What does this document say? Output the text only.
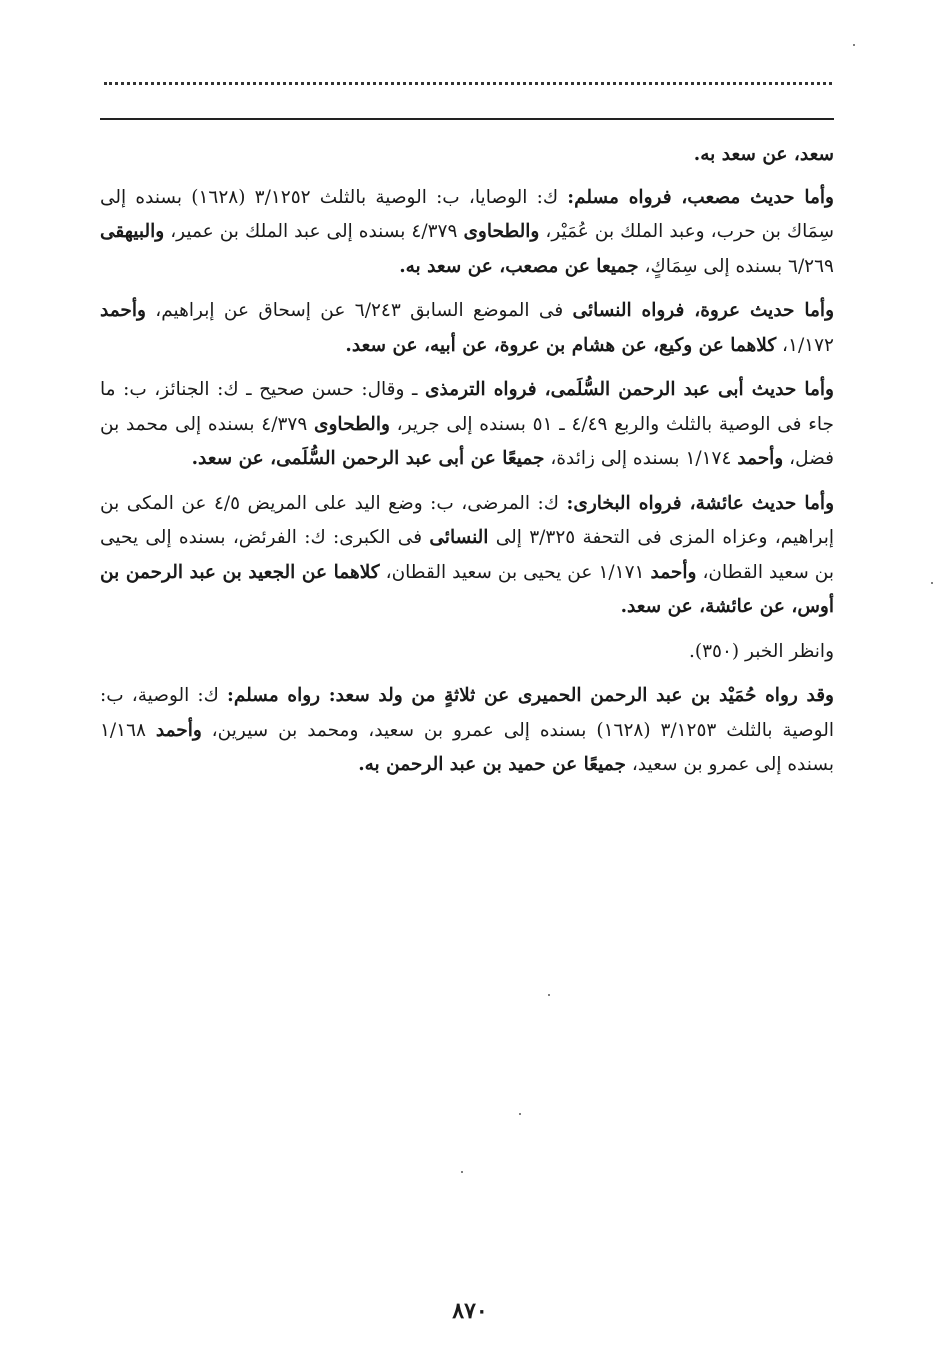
سعد، عن سعد به.

وأما حديث مصعب، فرواه مسلم: ك: الوصايا، ب: الوصية بالثلث ٣/١٢٥٢ (١٦٢٨) بسنده إلى سِمَاك بن حرب، وعبد الملك بن عُمَيْر، والطحاوى ٤/٣٧٩ بسنده إلى عبد الملك بن عمير، والبيهقى ٦/٢٦٩ بسنده إلى سِمَاكٍ، جميعا عن مصعب، عن سعد به.

وأما حديث عروة، فرواه النسائى فى الموضع السابق ٦/٢٤٣ عن إسحاق عن إبراهيم، وأحمد ١/١٧٢، كلاهما عن وكيع، عن هشام بن عروة، عن أبيه، عن سعد.

وأما حديث أبى عبد الرحمن السُّلَمى، فرواه الترمذى ـ وقال: حسن صحيح ـ ك: الجنائز، ب: ما جاء فى الوصية بالثلث والربع ٤/٤٩ ـ ٥١ بسنده إلى جرير، والطحاوى ٤/٣٧٩ بسنده إلى محمد بن فضل، وأحمد ١/١٧٤ بسنده إلى زائدة، جميعًا عن أبى عبد الرحمن السُّلَمى، عن سعد.

وأما حديث عائشة، فرواه البخارى: ك: المرضى، ب: وضع اليد على المريض ٤/٥ عن المكى بن إبراهيم، وعزاه المزى فى التحفة ٣/٣٢٥ إلى النسائى فى الكبرى: ك: الفرئض، بسنده إلى يحيى بن سعيد القطان، وأحمد ١/١٧١ عن يحيى بن سعيد القطان، كلاهما عن الجعيد بن عبد الرحمن بن أوس، عن عائشة، عن سعد.

وانظر الخبر (٣٥٠).

وقد رواه حُمَيْد بن عبد الرحمن الحميرى عن ثلاثةٍ من ولد سعد: رواه مسلم: ك: الوصية، ب: الوصية بالثلث ٣/١٢٥٣ (١٦٢٨) بسنده إلى عمرو بن سعيد، ومحمد بن سيرين، وأحمد ١/١٦٨ بسنده إلى عمرو بن سعيد، جميعًا عن حميد بن عبد الرحمن به.

٨٧٠
